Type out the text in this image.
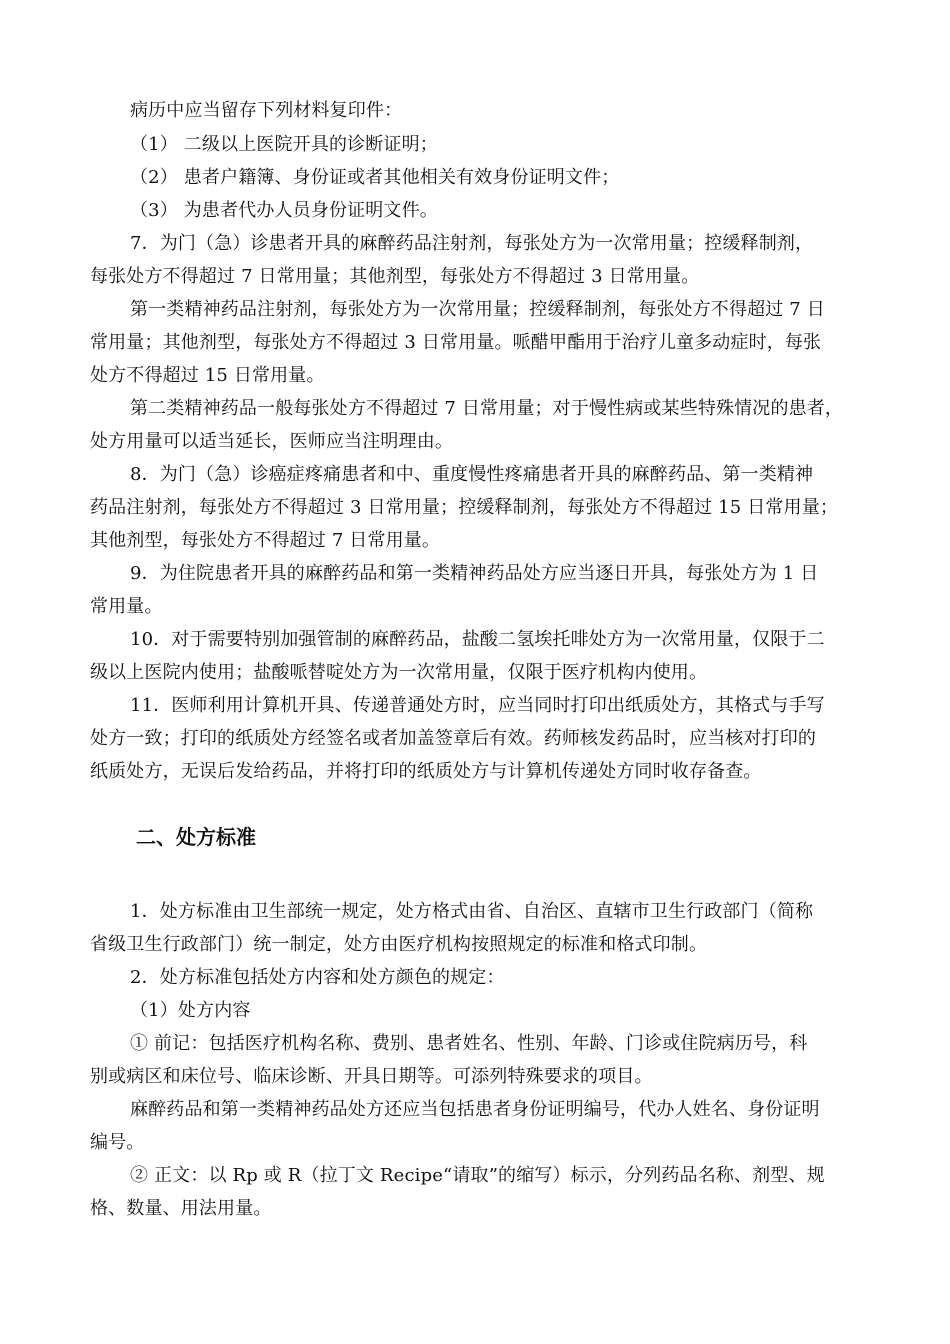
病历中应当留存下列材料复印件：
（1） 二级以上医院开具的诊断证明；
（2） 患者户籍簿、身份证或者其他相关有效身份证明文件；
（3） 为患者代办人员身份证明文件。
7．为门（急）诊患者开具的麻醉药品注射剂，每张处方为一次常用量；控缓释制剂，
每张处方不得超过 7 日常用量；其他剂型，每张处方不得超过 3 日常用量。
第一类精神药品注射剂，每张处方为一次常用量；控缓释制剂，每张处方不得超过 7 日
常用量；其他剂型，每张处方不得超过 3 日常用量。哌醋甲酯用于治疗儿童多动症时，每张
处方不得超过 15 日常用量。
第二类精神药品一般每张处方不得超过 7 日常用量；对于慢性病或某些特殊情况的患者，
处方用量可以适当延长，医师应当注明理由。
8．为门（急）诊癌症疼痛患者和中、重度慢性疼痛患者开具的麻醉药品、第一类精神
药品注射剂，每张处方不得超过 3 日常用量；控缓释制剂，每张处方不得超过 15 日常用量；
其他剂型，每张处方不得超过 7 日常用量。
9．为住院患者开具的麻醉药品和第一类精神药品处方应当逐日开具，每张处方为 1 日
常用量。
10．对于需要特别加强管制的麻醉药品，盐酸二氢埃托啡处方为一次常用量，仅限于二
级以上医院内使用；盐酸哌替啶处方为一次常用量，仅限于医疗机构内使用。
11．医师利用计算机开具、传递普通处方时，应当同时打印出纸质处方，其格式与手写
处方一致；打印的纸质处方经签名或者加盖签章后有效。药师核发药品时，应当核对打印的
纸质处方，无误后发给药品，并将打印的纸质处方与计算机传递处方同时收存备查。
二、处方标准
1．处方标准由卫生部统一规定，处方格式由省、自治区、直辖市卫生行政部门（简称
省级卫生行政部门）统一制定，处方由医疗机构按照规定的标准和格式印制。
2．处方标准包括处方内容和处方颜色的规定：
（1）处方内容
① 前记：包括医疗机构名称、费别、患者姓名、性别、年龄、门诊或住院病历号，科
别或病区和床位号、临床诊断、开具日期等。可添列特殊要求的项目。
麻醉药品和第一类精神药品处方还应当包括患者身份证明编号，代办人姓名、身份证明
编号。
② 正文：以 Rp 或 R（拉丁文 Recipe“请取”的缩写）标示，分列药品名称、剂型、规
格、数量、用法用量。
